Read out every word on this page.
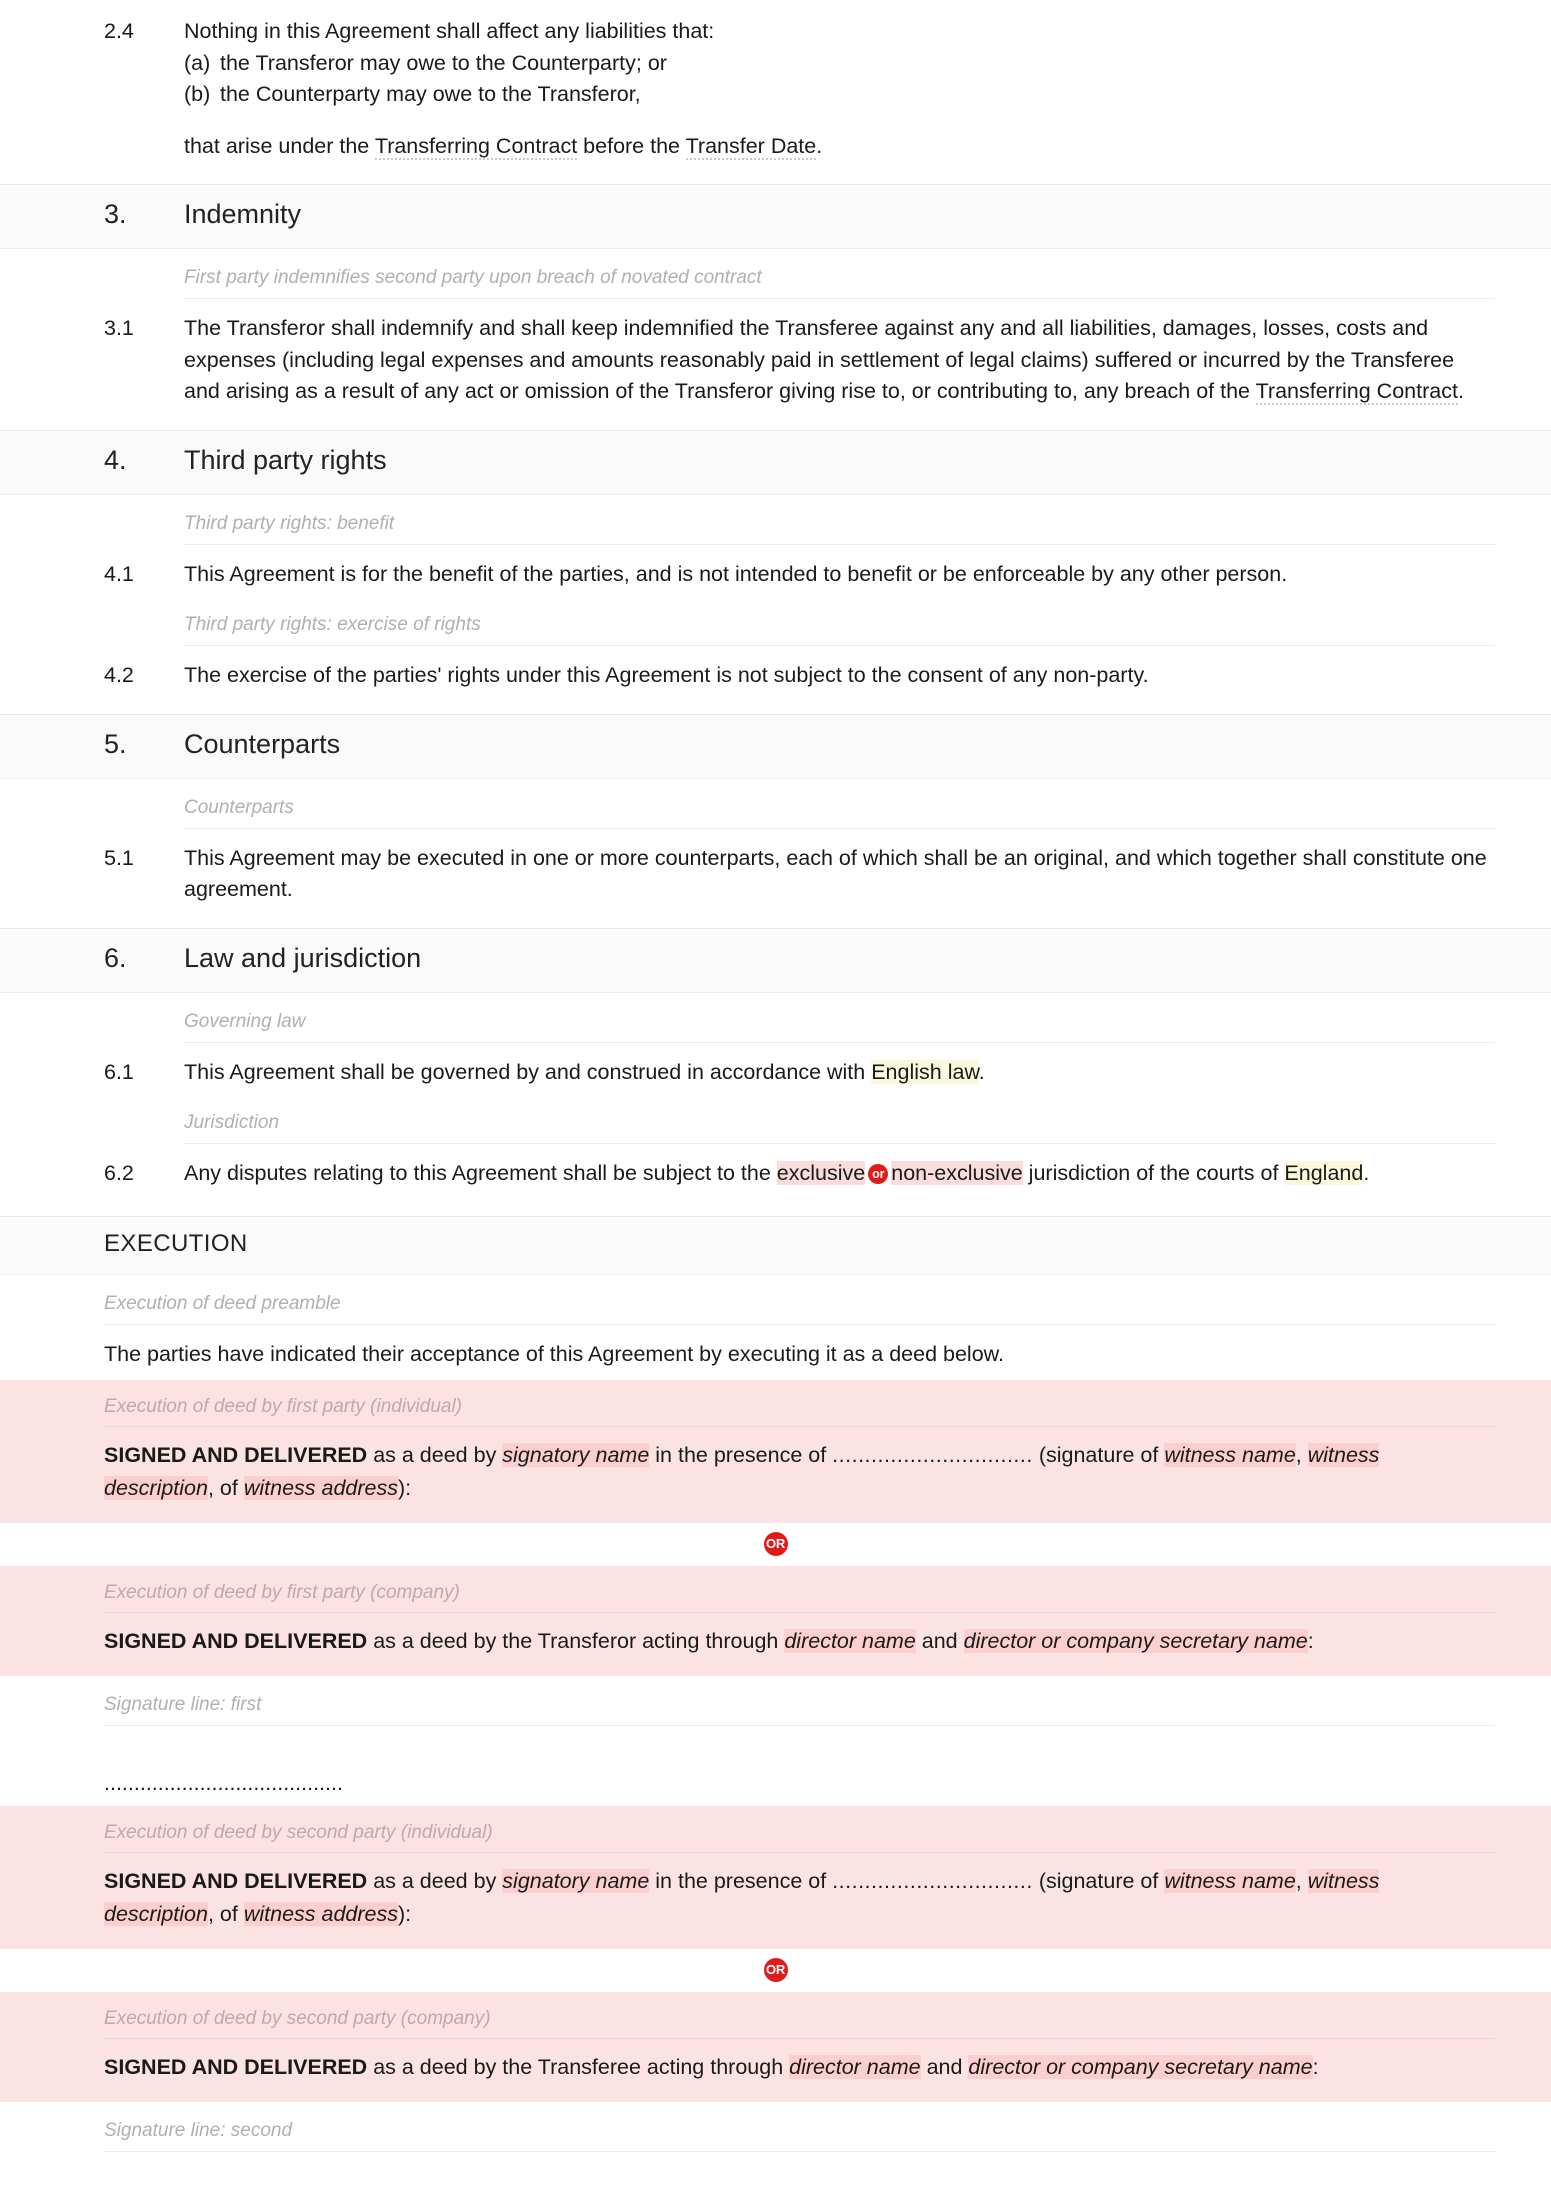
2.4	Nothing in this Agreement shall affect any liabilities that:
(a) the Transferor may owe to the Counterparty; or
(b) the Counterparty may owe to the Transferor,
that arise under the Transferring Contract before the Transfer Date.
3.	Indemnity
First party indemnifies second party upon breach of novated contract
3.1	The Transferor shall indemnify and shall keep indemnified the Transferee against any and all liabilities, damages, losses, costs and expenses (including legal expenses and amounts reasonably paid in settlement of legal claims) suffered or incurred by the Transferee and arising as a result of any act or omission of the Transferor giving rise to, or contributing to, any breach of the Transferring Contract.
4.	Third party rights
Third party rights: benefit
4.1	This Agreement is for the benefit of the parties, and is not intended to benefit or be enforceable by any other person.
Third party rights: exercise of rights
4.2	The exercise of the parties' rights under this Agreement is not subject to the consent of any non-party.
5.	Counterparts
Counterparts
5.1	This Agreement may be executed in one or more counterparts, each of which shall be an original, and which together shall constitute one agreement.
6.	Law and jurisdiction
Governing law
6.1	This Agreement shall be governed by and construed in accordance with English law.
Jurisdiction
6.2	Any disputes relating to this Agreement shall be subject to the exclusive or non-exclusive jurisdiction of the courts of England.
EXECUTION
Execution of deed preamble
The parties have indicated their acceptance of this Agreement by executing it as a deed below.
Execution of deed by first party (individual)
SIGNED AND DELIVERED as a deed by signatory name in the presence of ............................... (signature of witness name, witness description, of witness address):
OR
Execution of deed by first party (company)
SIGNED AND DELIVERED as a deed by the Transferor acting through director name and director or company secretary name:
Signature line: first
........................................
Execution of deed by second party (individual)
SIGNED AND DELIVERED as a deed by signatory name in the presence of ............................... (signature of witness name, witness description, of witness address):
OR
Execution of deed by second party (company)
SIGNED AND DELIVERED as a deed by the Transferee acting through director name and director or company secretary name:
Signature line: second
